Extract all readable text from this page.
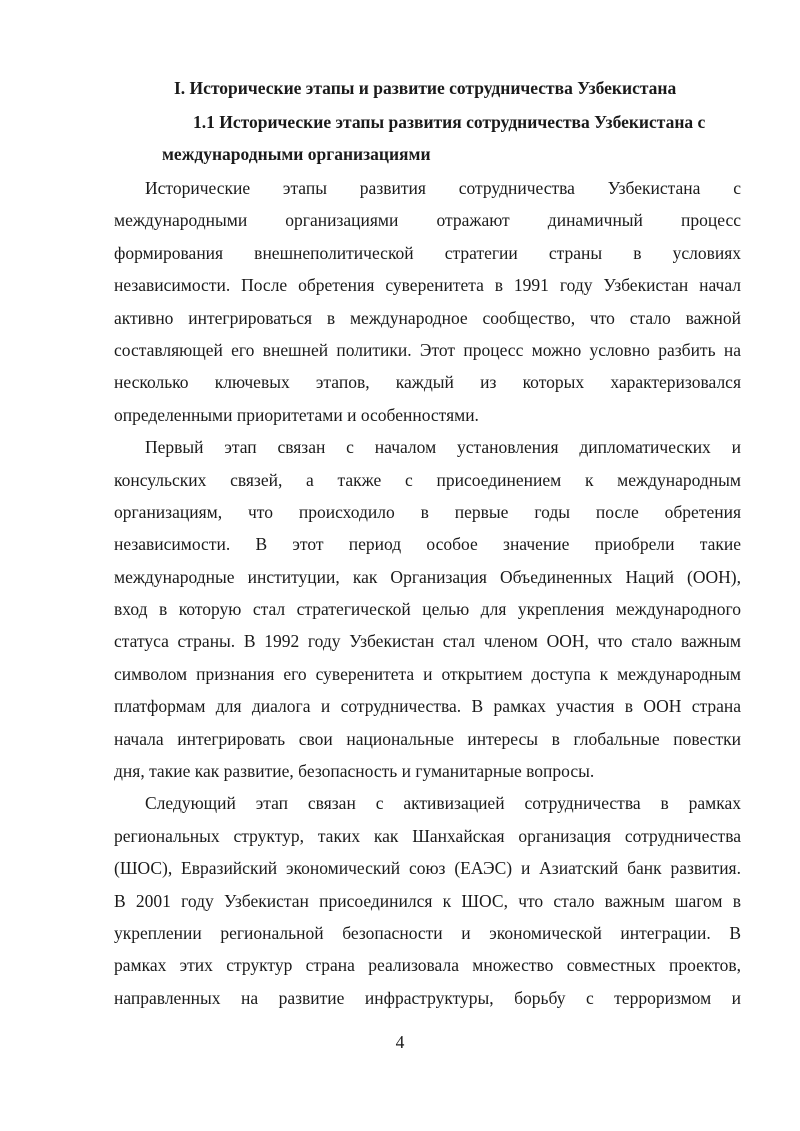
I. Исторические этапы и развитие сотрудничества Узбекистана
1.1 Исторические этапы развития сотрудничества Узбекистана с
международными организациями

Исторические этапы развития сотрудничества Узбекистана с
международными организациями отражают динамичный процесс
формирования внешнеполитической стратегии страны в условиях
независимости. После обретения суверенитета в 1991 году Узбекистан начал
активно интегрироваться в международное сообщество, что стало важной
составляющей его внешней политики. Этот процесс можно условно разбить на
несколько ключевых этапов, каждый из которых характеризовался
определенными приоритетами и особенностями.

Первый этап связан с началом установления дипломатических и
консульских связей, а также с присоединением к международным
организациям, что происходило в первые годы после обретения
независимости. В этот период особое значение приобрели такие
международные институции, как Организация Объединенных Наций (ООН),
вход в которую стал стратегической целью для укрепления международного
статуса страны. В 1992 году Узбекистан стал членом ООН, что стало важным
символом признания его суверенитета и открытием доступа к международным
платформам для диалога и сотрудничества. В рамках участия в ООН страна
начала интегрировать свои национальные интересы в глобальные повестки
дня, такие как развитие, безопасность и гуманитарные вопросы.

Следующий этап связан с активизацией сотрудничества в рамках
региональных структур, таких как Шанхайская организация сотрудничества
(ШОС), Евразийский экономический союз (ЕАЭС) и Азиатский банк развития.
В 2001 году Узбекистан присоединился к ШОС, что стало важным шагом в
укреплении региональной безопасности и экономической интеграции. В
рамках этих структур страна реализовала множество совместных проектов,
направленных на развитие инфраструктуры, борьбу с терроризмом и

4
